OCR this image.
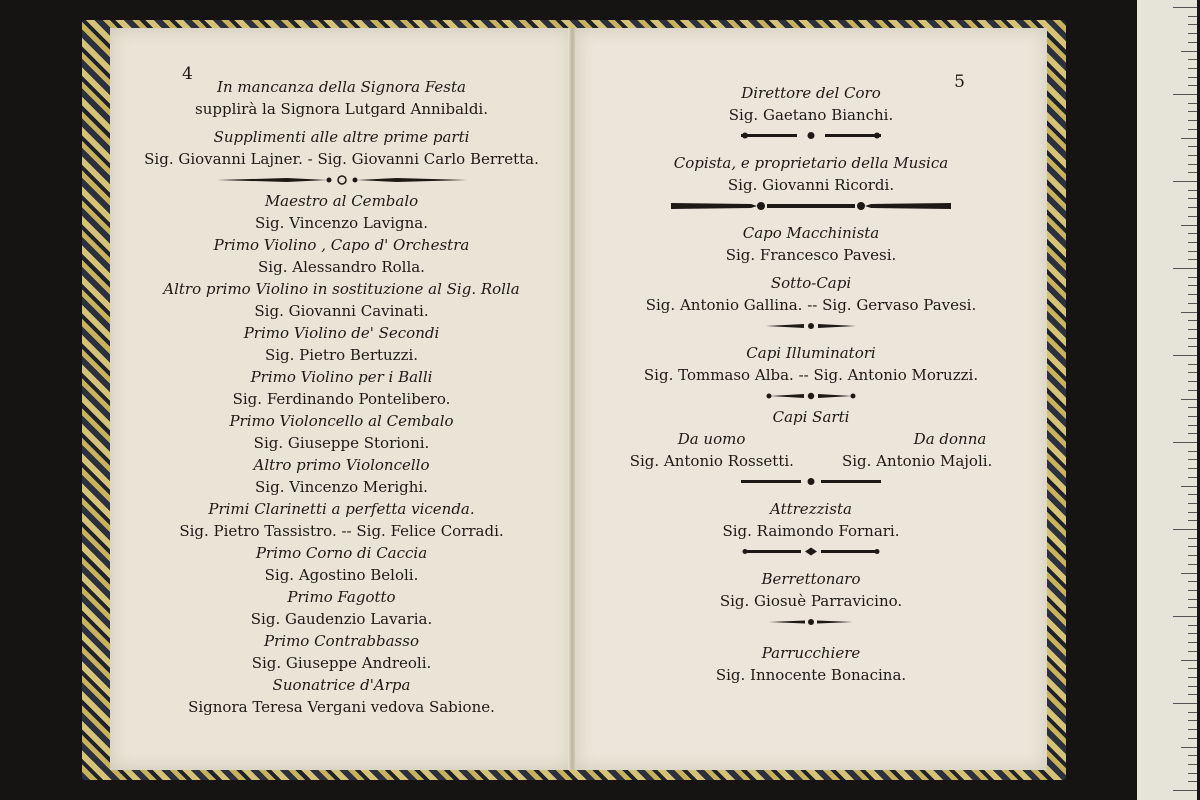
4
In mancanza della Signora Festa
supplirà la Signora Lutgard Annibaldi.
Supplimenti alle altre prime parti
Sig. Giovanni Lajner. - Sig. Giovanni Carlo Berretta.
Maestro al Cembalo
Sig. Vincenzo Lavigna.
Primo Violino , Capo d' Orchestra
Sig. Alessandro Rolla.
Altro primo Violino in sostituzione al Sig. Rolla
Sig. Giovanni Cavinati.
Primo Violino de' Secondi
Sig. Pietro Bertuzzi.
Primo Violino per i Balli
Sig. Ferdinando Pontelibero.
Primo Violoncello al Cembalo
Sig. Giuseppe Storioni.
Altro primo Violoncello
Sig. Vincenzo Merighi.
Primi Clarinetti a perfetta vicenda.
Sig. Pietro Tassistro. -- Sig. Felice Corradi.
Primo Corno di Caccia
Sig. Agostino Beloli.
Primo Fagotto
Sig. Gaudenzio Lavaria.
Primo Contrabbasso
Sig. Giuseppe Andreoli.
Suonatrice d'Arpa
Signora Teresa Vergani vedova Sabione.
5
Direttore del Coro
Sig. Gaetano Bianchi.
Copista, e proprietario della Musica
Sig. Giovanni Ricordi.
Capo Macchinista
Sig. Francesco Pavesi.
Sotto-Capi
Sig. Antonio Gallina. -- Sig. Gervaso Pavesi.
Capi Illuminatori
Sig. Tommaso Alba. -- Sig. Antonio Moruzzi.
Capi Sarti
Da uomo
Sig. Antonio Rossetti.
Da donna
Sig. Antonio Majoli.
Attrezzista
Sig. Raimondo Fornari.
Berrettonaro
Sig. Giosuè Parravicino.
Parrucchiere
Sig. Innocente Bonacina.
